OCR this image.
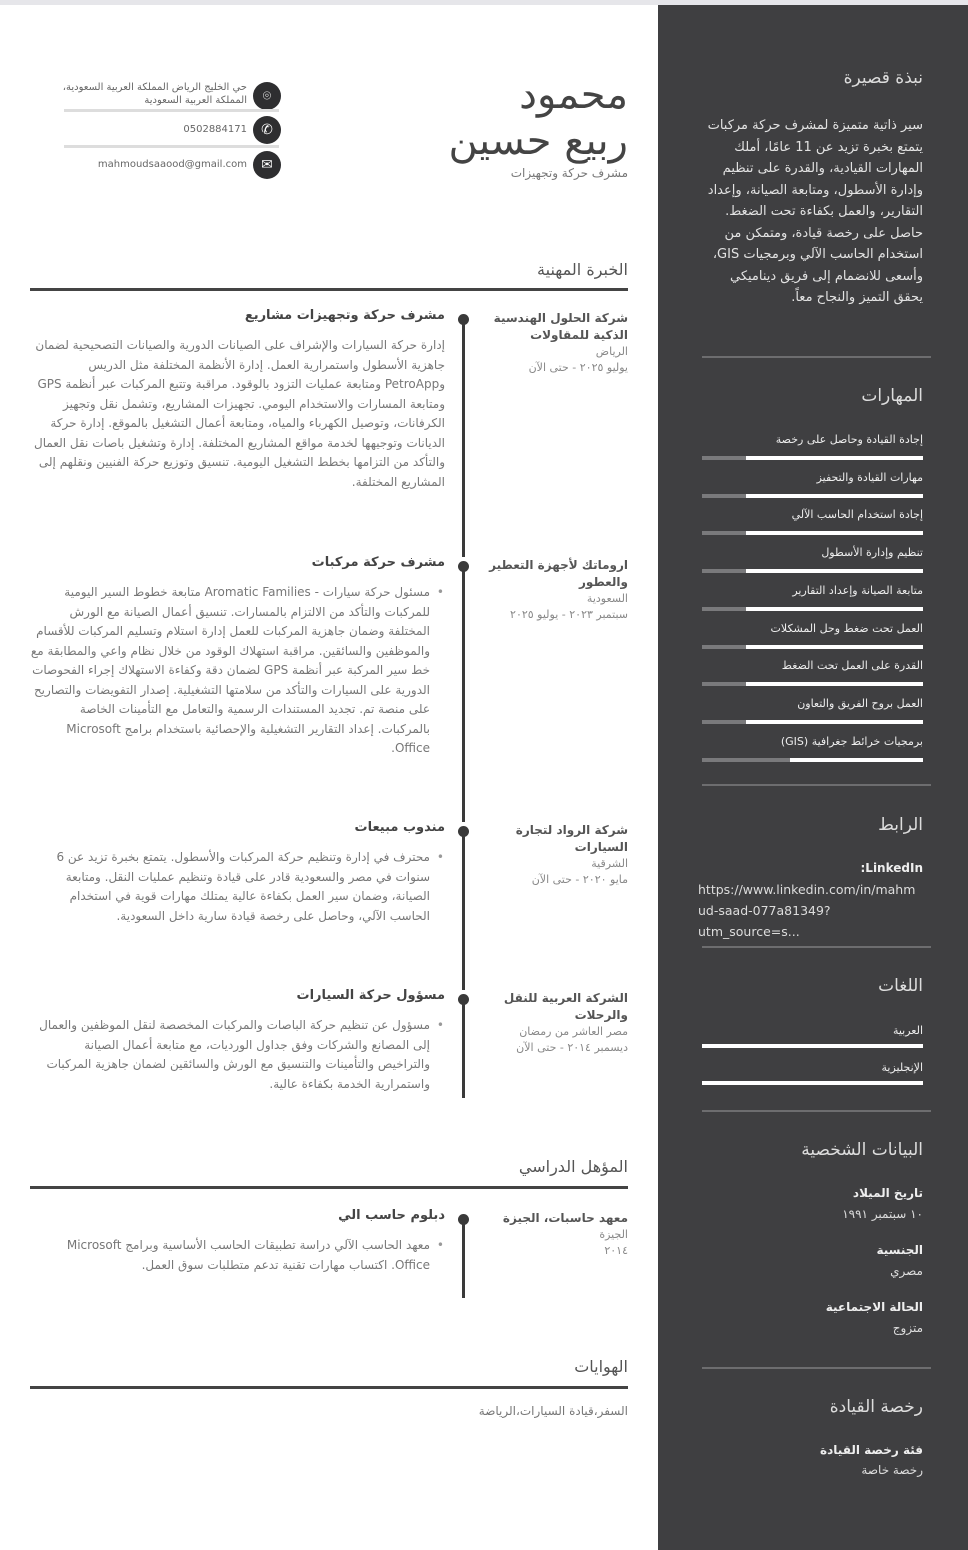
محمود
ربيع حسين
مشرف حركة وتجهيزات
⌾
حي الخليج الرياض المملكة العربية السعودية، المملكة العربية السعودية
✆
0502884171
✉
mahmoudsaaood@gmail.com
الخبرة المهنية
شركة الحلول الهندسية الذكية للمقاولات
الرياض
يوليو ٢٠٢٥ - حتى الآن
مشرف حركة وتجهيزات مشاريع
إدارة حركة السيارات والإشراف على الصيانات الدورية والصيانات التصحيحية لضمان جاهزية الأسطول واستمرارية العمل. إدارة الأنظمة المختلفة مثل الدريس وPetroApp ومتابعة عمليات التزود بالوقود. مراقبة وتتبع المركبات عبر أنظمة GPS ومتابعة المسارات والاستخدام اليومي. تجهيزات المشاريع، وتشمل نقل وتجهيز الكرفانات، وتوصيل الكهرباء والمياه، ومتابعة أعمال التشغيل بالموقع. إدارة حركة الديانات وتوجيهها لخدمة مواقع المشاريع المختلفة. إدارة وتشغيل باصات نقل العمال والتأكد من التزامها بخطط التشغيل اليومية. تنسيق وتوزيع حركة الفنيين ونقلهم إلى المشاريع المختلفة.
اروماتك لأجهزة التعطير والعطور
السعودية
سبتمبر ٢٠٢٣ - يوليو ٢٠٢٥
مشرف حركة مركبات
• مسئول حركة سيارات - Aromatic Families متابعة خطوط السير اليومية للمركبات والتأكد من الالتزام بالمسارات. تنسيق أعمال الصيانة مع الورش المختلفة وضمان جاهزية المركبات للعمل إدارة استلام وتسليم المركبات للأقسام والموظفين والسائقين. مراقبة استهلاك الوقود من خلال نظام واعي والمطابقة مع خط سير المركبة عبر أنظمة GPS لضمان دقة وكفاءة الاستهلاك إجراء الفحوصات الدورية على السيارات والتأكد من سلامتها التشغيلية. إصدار التفويضات والتصاريح على منصة تم. تجديد المستندات الرسمية والتعامل مع التأمينات الخاصة بالمركبات. إعداد التقارير التشغيلية والإحصائية باستخدام برامج Microsoft Office.
شركة الرواد لتجارة السيارات
الشرقية
مايو ٢٠٢٠ - حتى الآن
مندوب مبيعات
• محترف في إدارة وتنظيم حركة المركبات والأسطول. يتمتع بخبرة تزيد عن 6 سنوات في مصر والسعودية قادر على قيادة وتنظيم عمليات النقل. ومتابعة الصيانة، وضمان سير العمل بكفاءة عالية يمتلك مهارات قوية في استخدام الحاسب الآلي، وحاصل على رخصة قيادة سارية داخل السعودية.
الشركة العربية للنقل والرحلات
مصر العاشر من رمضان
ديسمبر ٢٠١٤ - حتى الآن
مسؤول حركة السيارات
• مسؤول عن تنظيم حركة الباصات والمركبات المخصصة لنقل الموظفين والعمال إلى المصانع والشركات وفق جداول الورديات، مع متابعة أعمال الصيانة والتراخيص والتأمينات والتنسيق مع الورش والسائقين لضمان جاهزية المركبات واستمرارية الخدمة بكفاءة عالية.
المؤهل الدراسي
معهد حاسبات، الجيزة
الجيزة
٢٠١٤
دبلوم حاسب الي
• معهد الحاسب الآلي دراسة تطبيقات الحاسب الأساسية وبرامج Microsoft Office. اكتساب مهارات تقنية تدعم متطلبات سوق العمل.
الهوايات
السفر،قيادة السيارات،الرياضة
نبذة قصيرة
سير ذاتية متميزة لمشرف حركة مركبات يتمتع بخبرة تزيد عن 11 عامًا، أملك المهارات القيادية، والقدرة على تنظيم وإدارة الأسطول، ومتابعة الصيانة، وإعداد التقارير، والعمل بكفاءة تحت الضغط. حاصل على رخصة قيادة، ومتمكن من استخدام الحاسب الآلي وبرمجيات GIS، وأسعى للانضمام إلى فريق ديناميكي يحقق التميز والنجاح معاً.
المهارات
إجادة القيادة وحاصل على رخصة
مهارات القيادة والتحفيز
إجادة استخدام الحاسب الآلي
تنظيم وإدارة الأسطول
متابعة الصيانة وإعداد التقارير
العمل تحت ضغط وحل المشكلات
القدرة على العمل تحت الضغط
العمل بروح الفريق والتعاون
برمجيات خرائط جغرافية (GIS)
الرابط
LinkedIn:
https://www.linkedin.com/in/mahm
ud-saad-077a81349?utm_source=s...
اللغات
العربية
الإنجليزية
البيانات الشخصية
تاريخ الميلاد
١٠ سبتمبر ١٩٩١
الجنسية
مصري
الحالة الاجتماعية
متزوج
رخصة القيادة
فئة رخصة القيادة
رخصة خاصة
